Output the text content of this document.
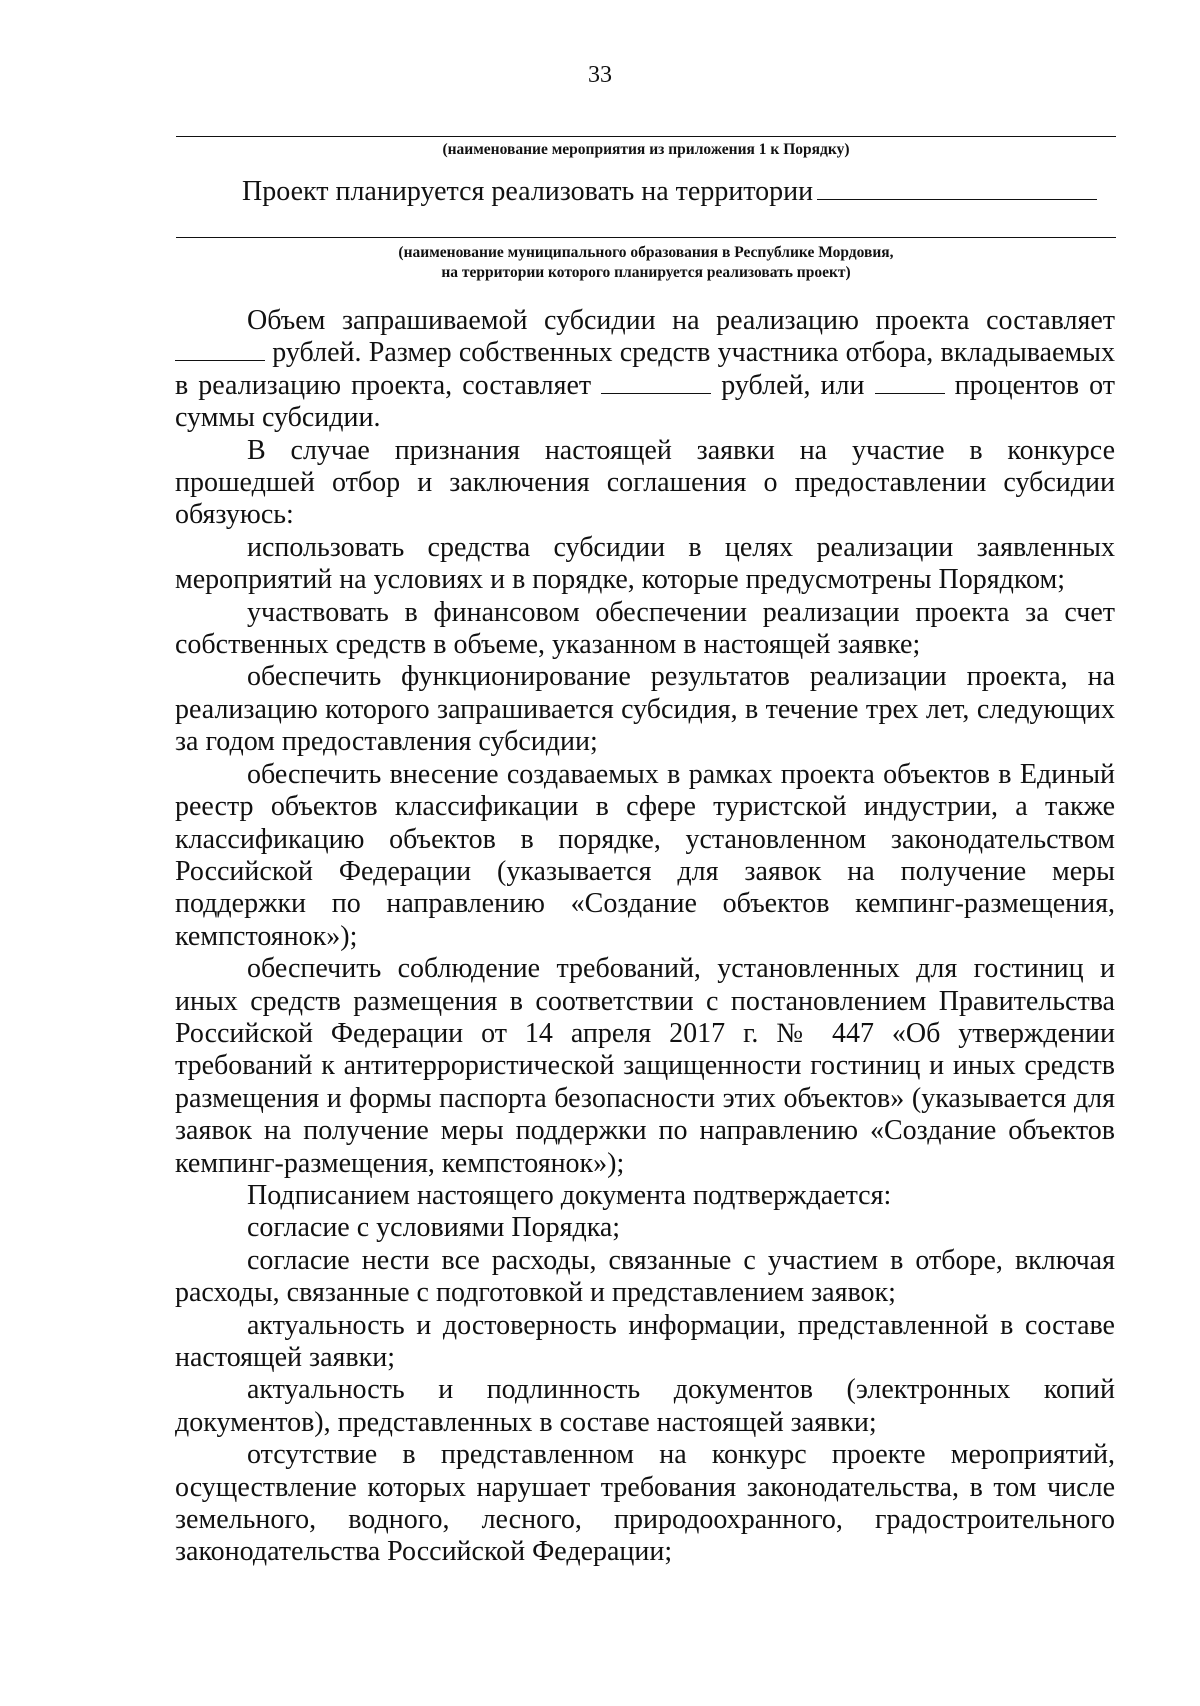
33
(наименование мероприятия из приложения 1 к Порядку)
Проект планируется реализовать на территории
(наименование муниципального образования в Республике Мордовия,
на территории которого планируется реализовать проект)

Объем запрашиваемой субсидии на реализацию проекта составляет  рублей. Размер собственных средств участника отбора, вкладываемых в реализацию проекта, составляет	рублей, или	процентов от суммы субсидии.

В случае признания настоящей заявки на участие в конкурсе прошедшей отбор и заключения соглашения о предоставлении субсидии обязуюсь:

использовать средства субсидии в целях реализации заявленных мероприятий на условиях и в порядке, которые предусмотрены Порядком;

участвовать в финансовом обеспечении реализации проекта за счет собственных средств в объеме, указанном в настоящей заявке;

обеспечить функционирование результатов реализации проекта, на реализацию которого запрашивается субсидия, в течение трех лет, следующих за годом предоставления субсидии;

обеспечить внесение создаваемых в рамках проекта объектов в Единый реестр объектов классификации в сфере туристской индустрии, а также классификацию объектов в порядке, установленном законодательством Российской Федерации (указывается для заявок на получение меры поддержки по направлению «Создание объектов кемпинг-размещения, кемпстоянок»);

обеспечить соблюдение требований, установленных для гостиниц и иных средств размещения в соответствии с постановлением Правительства Российской Федерации от 14 апреля 2017 г. № 447 «Об утверждении требований к антитеррористической защищенности гостиниц и иных средств размещения и формы паспорта безопасности этих объектов» (указывается для заявок на получение меры поддержки по направлению «Создание объектов кемпинг-размещения, кемпстоянок»);

Подписанием настоящего документа подтверждается:

согласие с условиями Порядка;

согласие нести все расходы, связанные с участием в отборе, включая расходы, связанные с подготовкой и представлением заявок;

актуальность и достоверность информации, представленной в составе настоящей заявки;

актуальность и подлинность документов (электронных копий документов), представленных в составе настоящей заявки;

отсутствие в представленном на конкурс проекте мероприятий, осуществление которых нарушает требования законодательства, в том числе земельного, водного, лесного, природоохранного, градостроительного законодательства Российской Федерации;
